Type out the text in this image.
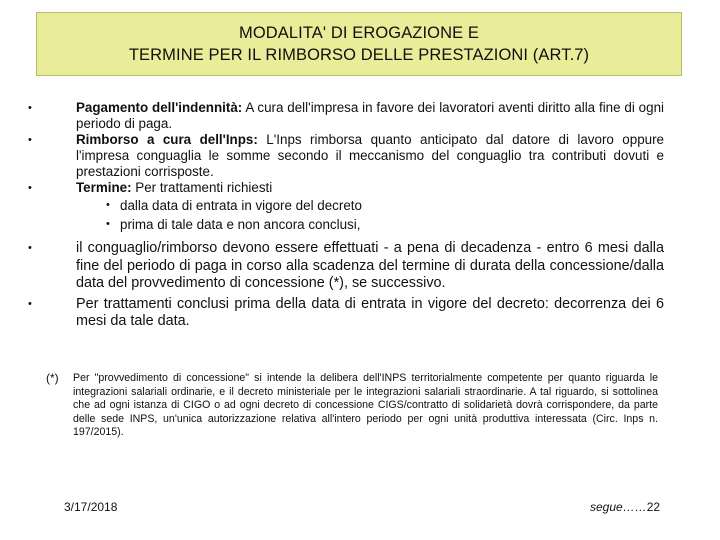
MODALITA' DI EROGAZIONE E
TERMINE PER IL RIMBORSO DELLE PRESTAZIONI (ART.7)
•	Pagamento dell'indennità: A cura dell'impresa in favore dei lavoratori aventi diritto alla fine di ogni periodo di paga.
•	Rimborso a cura dell'Inps: L'Inps rimborsa quanto anticipato dal datore di lavoro oppure l'impresa conguaglia le somme secondo il meccanismo del conguaglio tra contributi dovuti e prestazioni corrisposte.
•	Termine: Per trattamenti richiesti
• dalla data di entrata in vigore del decreto
• prima di tale data e non ancora conclusi,
•	il conguaglio/rimborso devono essere effettuati - a pena di decadenza - entro 6 mesi dalla fine del periodo di paga in corso alla scadenza del termine di durata della concessione/dalla data del provvedimento di concessione (*), se successivo.
•	Per trattamenti conclusi prima della data di entrata in vigore del decreto: decorrenza dei 6 mesi da tale data.
(*)	Per "provvedimento di concessione" si intende la delibera dell'INPS territorialmente competente per quanto riguarda le integrazioni salariali ordinarie, e il decreto ministeriale per le integrazioni salariali straordinarie. A tal riguardo, si sottolinea che ad ogni istanza di CIGO o ad ogni decreto di concessione CIGS/contratto di solidarietà dovrà corrispondere, da parte delle sede INPS, un'unica autorizzazione relativa all'intero periodo per ogni unità produttiva interessata (Circ. Inps n. 197/2015).
3/17/2018	segue……22
